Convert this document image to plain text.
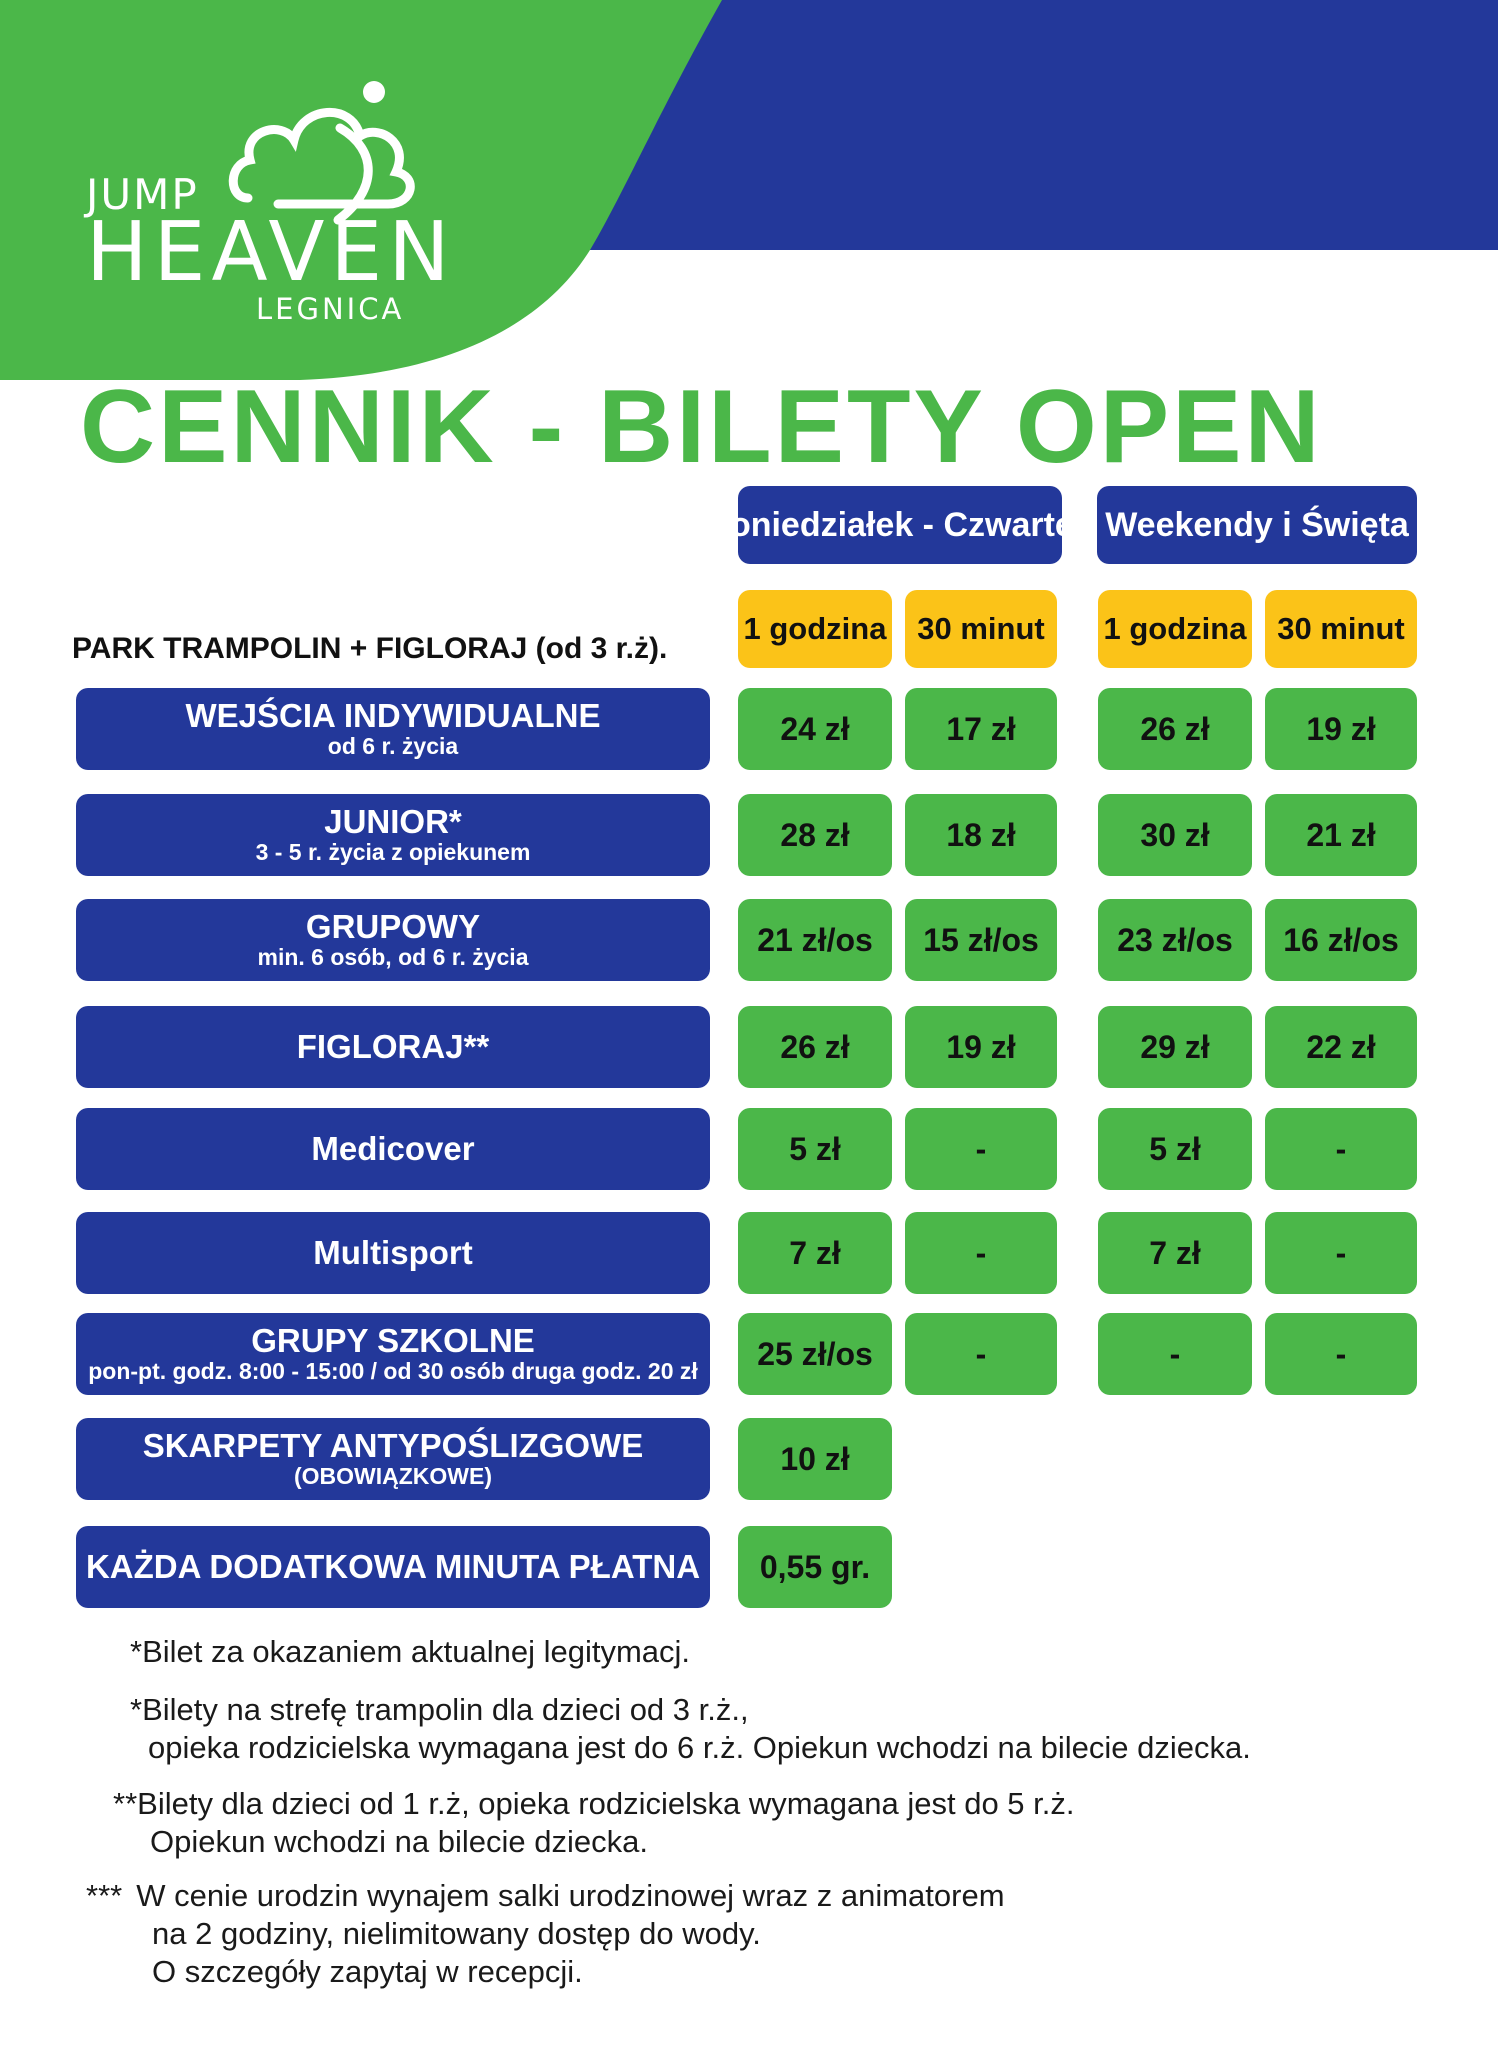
JUMP
HEAVEN
LEGNICA
CENNIK - BILETY OPEN
Poniedziałek - Czwartek Weekendy i Święta
1 godzina 30 minut	1 godzina 30 minut
PARK TRAMPOLIN + FIGLORAJ (od 3 r.ż).
WEJŚCIA INDYWIDUALNE
od 6 r. życia	24 zł	17 zł	26 zł	19 zł
JUNIOR*
3 - 5 r. życia z opiekunem	28 zł	18 zł	30 zł	21 zł
GRUPOWY
min. 6 osób, od 6 r. życia	21 zł/os	15 zł/os	23 zł/os	16 zł/os
FIGLORAJ**	26 zł	19 zł	29 zł	22 zł
Medicover	5 zł	-	5 zł	-
Multisport	7 zł	-	7 zł	-
GRUPY SZKOLNE
pon-pt. godz. 8:00 - 15:00 / od 30 osób druga godz. 20 zł	25 zł/os	-	-	-
SKARPETY ANTYPOŚLIZGOWE
(OBOWIĄZKOWE)	10 zł
KAŻDA DODATKOWA MINUTA PŁATNA	0,55 gr.
*Bilet za okazaniem aktualnej legitymacj.
*Bilety na strefę trampolin dla dzieci od 3 r.ż.,
opieka rodzicielska wymagana jest do 6 r.ż. Opiekun wchodzi na bilecie dziecka.
**Bilety dla dzieci od 1 r.ż, opieka rodzicielska wymagana jest do 5 r.ż.
Opiekun wchodzi na bilecie dziecka.
*** W cenie urodzin wynajem salki urodzinowej wraz z animatorem
na 2 godziny, nielimitowany dostęp do wody.
O szczegóły zapytaj w recepcji.
